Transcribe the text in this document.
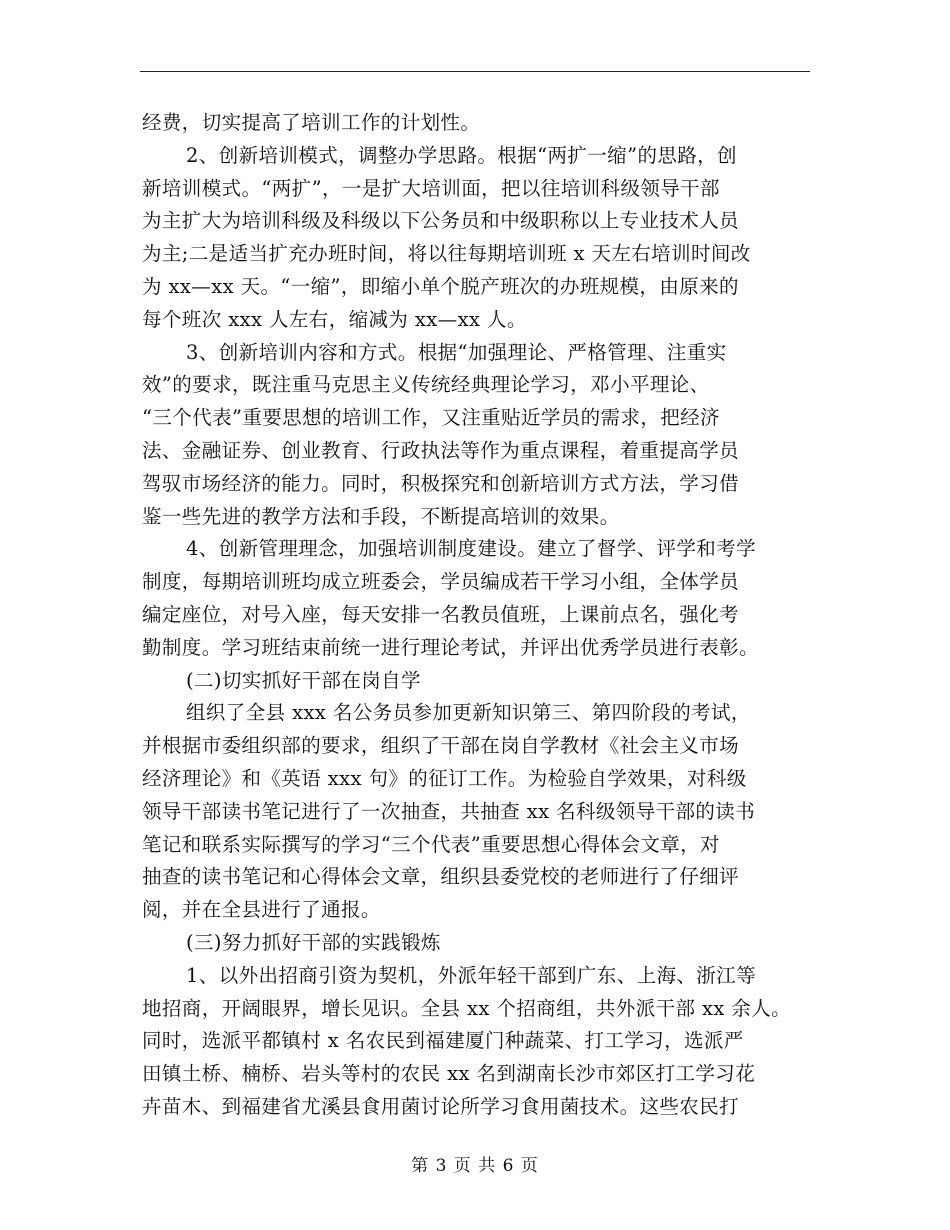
经费，切实提高了培训工作的计划性。
2、创新培训模式，调整办学思路。根据“两扩一缩”的思路，创
新培训模式。“两扩”，一是扩大培训面，把以往培训科级领导干部
为主扩大为培训科级及科级以下公务员和中级职称以上专业技术人员
为主;二是适当扩充办班时间，将以往每期培训班 x 天左右培训时间改
为 xx—xx 天。“一缩”，即缩小单个脱产班次的办班规模，由原来的
每个班次 xxx 人左右，缩减为 xx—xx 人。
3、创新培训内容和方式。根据“加强理论、严格管理、注重实
效”的要求，既注重马克思主义传统经典理论学习，邓小平理论、
“三个代表”重要思想的培训工作，又注重贴近学员的需求，把经济
法、金融证券、创业教育、行政执法等作为重点课程，着重提高学员
驾驭市场经济的能力。同时，积极探究和创新培训方式方法，学习借
鉴一些先进的教学方法和手段，不断提高培训的效果。
4、创新管理理念，加强培训制度建设。建立了督学、评学和考学
制度，每期培训班均成立班委会，学员编成若干学习小组，全体学员
编定座位，对号入座，每天安排一名教员值班，上课前点名，强化考
勤制度。学习班结束前统一进行理论考试，并评出优秀学员进行表彰。
(二)切实抓好干部在岗自学
组织了全县 xxx 名公务员参加更新知识第三、第四阶段的考试，
并根据市委组织部的要求，组织了干部在岗自学教材《社会主义市场
经济理论》和《英语 xxx 句》的征订工作。为检验自学效果，对科级
领导干部读书笔记进行了一次抽查，共抽查 xx 名科级领导干部的读书
笔记和联系实际撰写的学习“三个代表”重要思想心得体会文章，对
抽查的读书笔记和心得体会文章，组织县委党校的老师进行了仔细评
阅，并在全县进行了通报。
(三)努力抓好干部的实践锻炼
1、以外出招商引资为契机，外派年轻干部到广东、上海、浙江等
地招商，开阔眼界，增长见识。全县 xx 个招商组，共外派干部 xx 余人。
同时，选派平都镇村 x 名农民到福建厦门种蔬菜、打工学习，选派严
田镇土桥、楠桥、岩头等村的农民 xx 名到湖南长沙市郊区打工学习花
卉苗木、到福建省尤溪县食用菌讨论所学习食用菌技术。这些农民打
第 3 页 共 6 页
